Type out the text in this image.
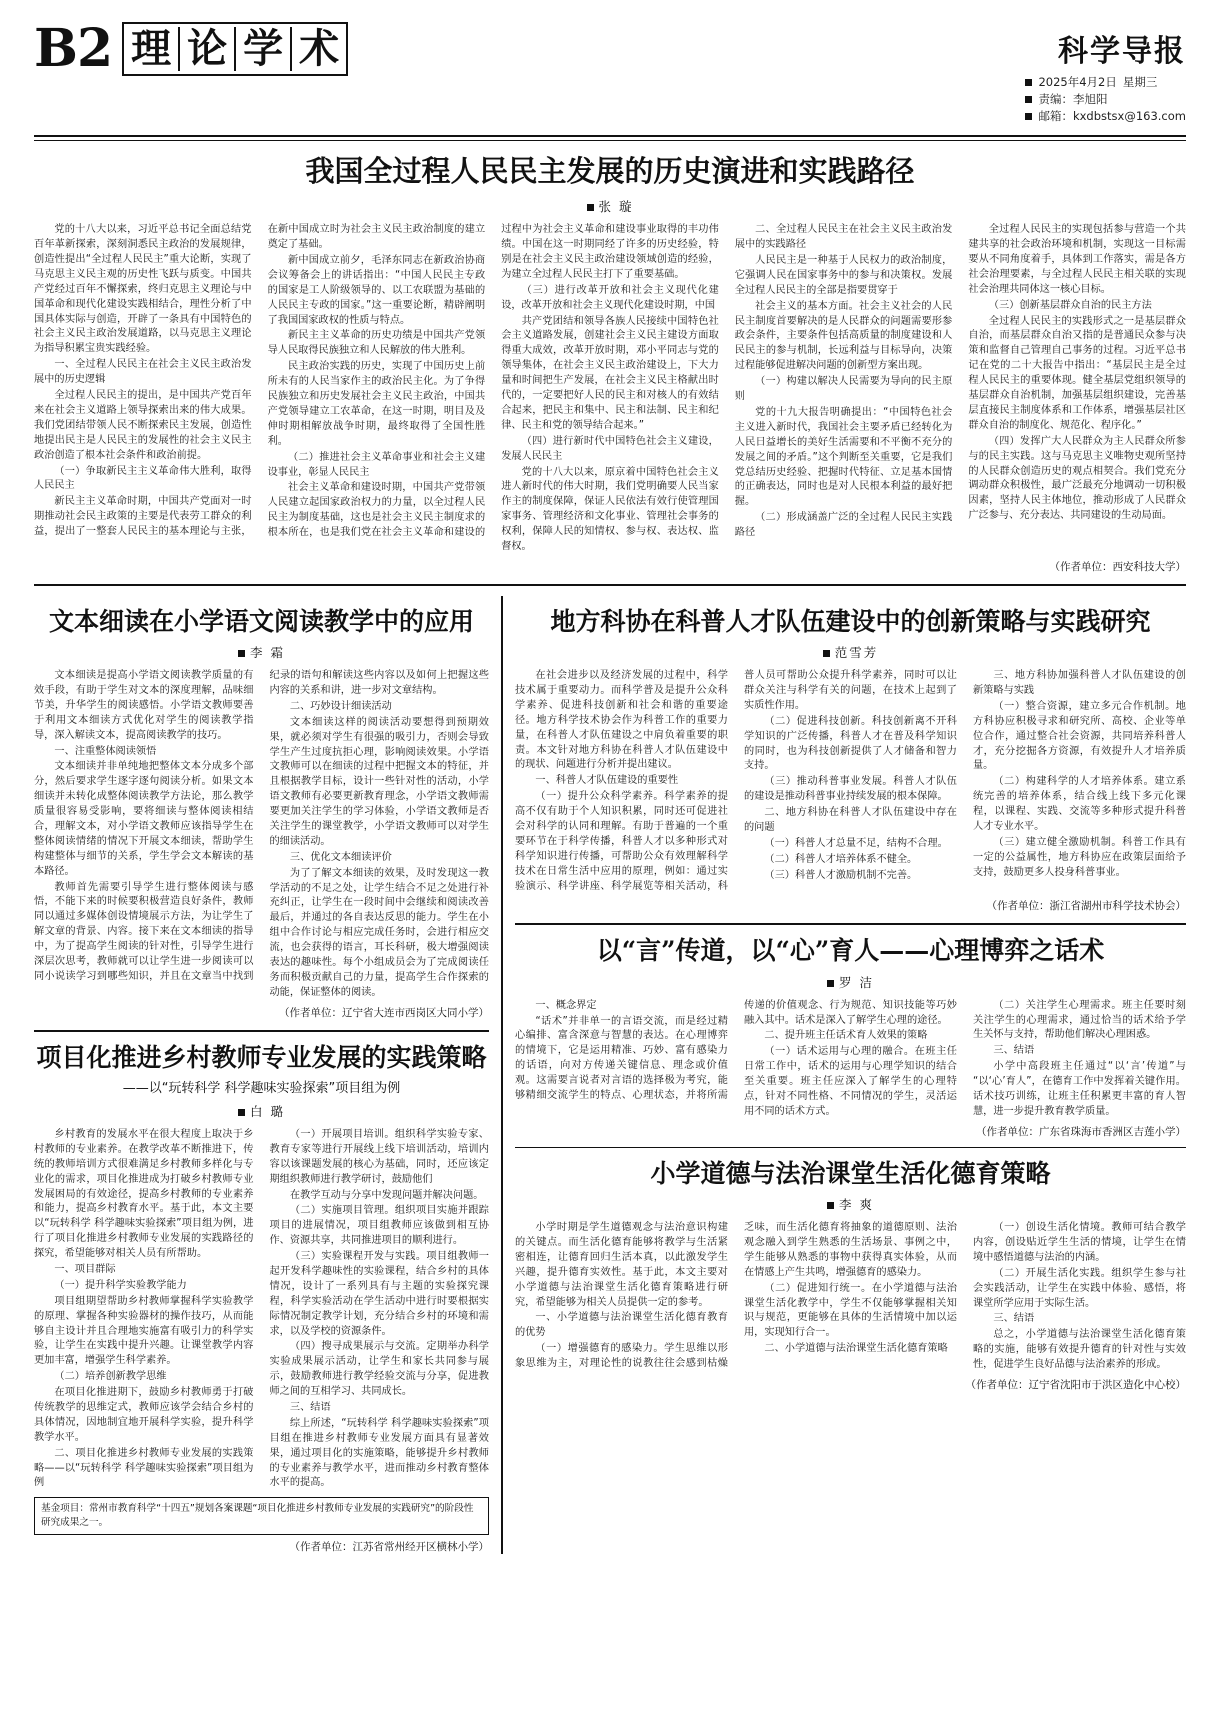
B2 理 论 学 术	科学导报
2025年4月2日 星期三
责编：李旭阳
邮箱：kxdbstsx@163.com
我国全过程人民民主发展的历史演进和实践路径
张 璇

党的十八大以来，习近平总书记全面总结党百年革新探索，深刻洞悉民主政治的发展规律，创造性提出“全过程人民民主”重大论断，实现了马克思主义民主观的历史性飞跃与质变。中国共产党经过百年不懈探索，终归克思主义理论与中国革命和现代化建设实践相结合，理性分析了中国具体实际与创造，开辟了一条具有中国特色的社会主义民主政治发展道路，以马克思主义理论为指导积累宝贵实践经验。

一、全过程人民民主在社会主义民主政治发展中的历史逻辑

全过程人民民主的提出，是中国共产党百年来在社会主义道路上领导探索出来的伟大成果。我们党团结带领人民不断探索民主发展，创造性地提出民主是人民民主的发展性的社会主义民主政治创造了根本社会条件和政治前提。

（一）争取新民主主义革命伟大胜利，取得人民民主

新民主主义革命时期，中国共产党面对一时期推动社会民主政策的主要是代表劳工群众的利益，提出了一整套人民民主的基本理论与主张，在新中国成立时为社会主义民主政治制度的建立奠定了基础。

新中国成立前夕，毛泽东同志在新政治协商会议筹备会上的讲话指出：“中国人民民主专政的国家是工人阶级领导的、以工农联盟为基础的人民民主专政的国家。”这一重要论断，精辟阐明了我国国家政权的性质与特点。

新民主主义革命的历史功绩是中国共产党领导人民取得民族独立和人民解放的伟大胜利。

民主政治实践的历史，实现了中国历史上前所未有的人民当家作主的政治民主化。为了争得民族独立和历史发展社会主义民主政治，中国共产党领导建立工农革命，在这一时期，明目及及伸时期相解放战争时期，最终取得了全国性胜利。

（二）推进社会主义革命事业和社会主义建设事业，彰显人民民主

社会主义革命和建设时期，中国共产党带领人民建立起国家政治权力的力量，以全过程人民民主为制度基础，这也是社会主义民主制度求的根本所在，也是我们党在社会主义革命和建设的过程中为社会主义革命和建设事业取得的丰功伟绩。中国在这一时期同经了许多的历史经验，特别是在社会主义民主政治建设领域创造的经验，为建立全过程人民民主打下了重要基础。

（三）进行改革开放和社会主义现代化建设，改革开放和社会主义现代化建设时期，中国

共产党团结和领导各族人民接续中国特色社会主义道路发展，创建社会主义民主建设方面取得重大成效，改革开放时期，邓小平同志与党的领导集体，在社会主义民主政治建设上，下大力量和时间把生产发展，在社会主义民主格献出时代的，一定要把好人民的民主和对核人的有效结合起来，把民主和集中、民主和法制、民主和纪律、民主和党的领导结合起来。”

（四）进行新时代中国特色社会主义建设，发展人民民主

党的十八大以来，原京着中国特色社会主义进人新时代的伟大时期，我们党明确要人民当家作主的制度保障，保证人民依法有效行使管理国家事务、管理经济和文化事业、管理社会事务的权利，保障人民的知情权、参与权、表达权、监督权。

二、全过程人民民主在社会主义民主政治发展中的实践路径

人民民主是一种基于人民权力的政治制度，它强调人民在国家事务中的参与和决策权。发展全过程人民民主的全部是指要贯穿于

社会主义的基本方面。社会主义社会的人民民主制度首要解决的是人民群众的问题需要形参政会条件，主要条件包括高质量的制度建设和人民民主的参与机制，长远利益与目标导向，决策过程能够促进解决问题的创新型方案出现。

（一）构建以解决人民需要为导向的民主原则

党的十九大报告明确提出：“中国特色社会主义进入新时代，我国社会主要矛盾已经转化为人民日益增长的美好生活需要和不平衡不充分的发展之间的矛盾。”这个判断至关重要，它是我们党总结历史经验、把握时代特征、立足基本国情的正确表达，同时也是对人民根本利益的最好把握。

（二）形成涵盖广泛的全过程人民民主实践路径

全过程人民民主的实现包括参与营造一个共建共享的社会政治环境和机制，实现这一目标需要从不同角度着手，具体到工作落实，需是各方社会治理要素，与全过程人民民主相关联的实现社会治理共同体这一核心目标。

（三）创新基层群众自治的民主方法

全过程人民民主的实践形式之一是基层群众自治，而基层群众自治又指的是普通民众参与决策和监督自己管理自己事务的过程。习近平总书记在党的二十大报告中指出：“基层民主是全过程人民民主的重要体现。健全基层党组织领导的基层群众自治机制，加强基层组织建设，完善基层直接民主制度体系和工作体系，增强基层社区群众自治的制度化、规范化、程序化。”

（四）发挥广大人民群众为主人民群众所参与的民主实践。这与马克思主义唯物史观所坚持的人民群众创造历史的观点相契合。我们党充分调动群众积极性，最广泛最充分地调动一切积极因素，坚持人民主体地位，推动形成了人民群众广泛参与、充分表达、共同建设的生动局面。

（作者单位：西安科技大学）
文本细读在小学语文阅读教学中的应用
李 霜

文本细读是提高小学语文阅读教学质量的有效手段，有助于学生对文本的深度理解，品味细节美，升华学生的阅读感悟。小学语文教师要善于利用文本细读方式优化对学生的阅读教学指导，深入解读文本，提高阅读教学的技巧。

一、注重整体阅读领悟

文本细读并非单纯地把整体文本分成多个部分，然后要求学生逐字逐句阅读分析。如果文本细读并未转化成整体阅读教学方法论，那么教学质量很容易受影响，要将细读与整体阅读相结合，理解文本，对小学语文教师应该指导学生在整体阅读情绪的情况下开展文本细读，帮助学生构建整体与细节的关系，学生学会文本解读的基本路径。

教师首先需要引导学生进行整体阅读与感悟，不能下来的时候要积极营造良好条件，教师同以通过多媒体创设情境展示方法，为让学生了解文章的背景、内容。接下来在文本细读的指导中，为了提高学生阅读的针对性，引导学生进行深层次思考，教师就可以让学生进一步阅读可以同小说读学习到哪些知识，并且在文章当中找到纪录的语句和解读这些内容以及如何上把握这些内容的关系和讲，进一步对文章结构。

二、巧妙设计细读活动

文本细读这样的阅读活动要想得到预期效果，就必须对学生有很强的吸引力，否则会导致学生产生过度抗拒心理，影响阅读效果。小学语文教师可以在细读的过程中把握文本的特征，并且根据教学目标，设计一些针对性的活动，小学语文教师有必要更新教育理念，小学语文教师需要更加关注学生的学习体验，小学语文教师是否关注学生的课堂教学，小学语文教师可以对学生的细读活动。

三、优化文本细读评价

为了了解文本细读的效果，及时发现这一教学活动的不足之处，让学生结合不足之处进行补充纠正，让学生在一段时间中会继续和阅读改善最后，并通过的各自表达反思的能力。学生在小组中合作讨论与相应完成任务时，会进行相应交流，也会获得的语言，耳长科研，极大增强阅读表达的趣味性。每个小组成员会为了完成阅读任务而积极贡献自己的力量，提高学生合作探索的动能，保证整体的阅读。

（作者单位：辽宁省大连市西岗区大同小学）
项目化推进乡村教师专业发展的实践策略
——以“玩转科学 科学趣味实验探索”项目组为例
白 璐

乡村教育的发展水平在很大程度上取决于乡村教师的专业素养。在教学改革不断推进下，传统的教师培训方式很难满足乡村教师多样化与专业化的需求，项目化推进成为打破乡村教师专业发展困局的有效途径，提高乡村教师的专业素养和能力，提高乡村教育水平。基于此，本文主要以“玩转科学 科学趣味实验探索”项目组为例，进行了项目化推进乡村教师专业发展的实践路径的探究，希望能够对相关人员有所帮助。

一、项目群际

（一）提升科学实验教学能力

项目组期望帮助乡村教师掌握科学实验教学的原理、掌握各种实验器材的操作技巧，从而能够自主设计并且合理地实施富有吸引力的科学实验，让学生在实践中提升兴趣。让课堂教学内容更加丰富，增强学生科学素养。

（二）培养创新教学思维

在项目化推进期下，鼓励乡村教师勇于打破传统教学的思维定式，教师应该学会结合乡村的具体情况，因地制宜地开展科学实验，提升科学教学水平。

二、项目化推进乡村教师专业发展的实践策略——以“玩转科学 科学趣味实验探索”项目组为例

（一）开展项目培训。组织科学实验专家、教育专家等进行开展线上线下培训活动，培训内容以该课题发展的核心为基础，同时，还应该定期组织教师进行教学研讨，鼓励他们

在教学互动与分享中发现问题并解决问题。

（二）实施项目管理。组织项目实施并跟踪项目的进展情况，项目组教师应该做到相互协作、资源共享，共同推进项目的顺利进行。

（三）实验课程开发与实践。项目组教师一起开发科学趣味性的实验课程，结合乡村的具体情况，设计了一系列具有与主题的实验探究课程，科学实验活动在学生活动中进行时要根据实际情况制定教学计划，充分结合乡村的环境和需求，以及学校的资源条件。

（四）搜寻成果展示与交流。定期举办科学实验成果展示活动，让学生和家长共同参与展示，鼓励教师进行教学经验交流与分享，促进教师之间的互相学习、共同成长。

三、结语

综上所述，“玩转科学 科学趣味实验探索”项目组在推进乡村教师专业发展方面具有显著效果，通过项目化的实施策略，能够提升乡村教师的专业素养与教学水平，进而推动乡村教育整体水平的提高。

基金项目：常州市教育科学“十四五”规划各案课题“项目化推进乡村教师专业发展的实践研究”的阶段性研究成果之一。
（作者单位：江苏省常州经开区横林小学）
地方科协在科普人才队伍建设中的创新策略与实践研究
范雪芳

在社会进步以及经济发展的过程中，科学技术属于重要动力。而科学普及是提升公众科学素养、促进科技创新和社会和谐的重要途径。地方科学技术协会作为科普工作的重要力量，在科普人才队伍建设之中肩负着重要的职责。本文针对地方科协在科普人才队伍建设中的现状、问题进行分析并提出建议。

一、科普人才队伍建设的重要性

（一）提升公众科学素养。科学素养的提高不仅有助于个人知识积累，同时还可促进社会对科学的认同和理解。有助于普遍的一个重要环节在于科学传播，科普人才以多种形式对科学知识进行传播，可帮助公众有效理解科学技术在日常生活中应用的原理，例如：通过实验演示、科学讲座、科学展览等相关活动，科普人员可帮助公众提升科学素养，同时可以让群众关注与科学有关的问题，在技术上起到了实质性作用。

（二）促进科技创新。科技创新离不开科学知识的广泛传播，科普人才在普及科学知识的同时，也为科技创新提供了人才储备和智力支持。

（三）推动科普事业发展。科普人才队伍的建设是推动科普事业持续发展的根本保障。

二、地方科协在科普人才队伍建设中存在的问题

（一）科普人才总量不足，结构不合理。

（二）科普人才培养体系不健全。

（三）科普人才激励机制不完善。

三、地方科协加强科普人才队伍建设的创新策略与实践

（一）整合资源，建立多元合作机制。地方科协应积极寻求和研究所、高校、企业等单位合作，通过整合社会资源，共同培养科普人才，充分挖掘各方资源，有效提升人才培养质量。

（二）构建科学的人才培养体系。建立系统完善的培养体系，结合线上线下多元化课程，以课程、实践、交流等多种形式提升科普人才专业水平。

（三）建立健全激励机制。科普工作具有一定的公益属性，地方科协应在政策层面给予支持，鼓励更多人投身科普事业。

（作者单位：浙江省湖州市科学技术协会）
以“言”传道，以“心”育人——心理博弈之话术
罗 洁

一、概念界定

“话术”并非单一的言语交流，而是经过精心编排、富含深意与智慧的表达。在心理博弈的情境下，它是运用精准、巧妙、富有感染力的话语，向对方传递关键信息、理念或价值观。这需要言说者对言语的选择极为考究，能够精细交流学生的特点、心理状态，并将所需传递的价值观念、行为规范、知识技能等巧妙融入其中。话术是深入了解学生心理的途径。

二、提升班主任话术育人效果的策略

（一）话术运用与心理的融合。在班主任日常工作中，话术的运用与心理学知识的结合至关重要。班主任应深入了解学生的心理特点，针对不同性格、不同情况的学生，灵活运用不同的话术方式。

（二）关注学生心理需求。班主任要时刻关注学生的心理需求，通过恰当的话术给予学生关怀与支持，帮助他们解决心理困惑。

三、结语

小学中高段班主任通过“以‘言’传道”与“以‘心’育人”，在德育工作中发挥着关键作用。话术技巧训练，让班主任积累更丰富的育人智慧，进一步提升教育教学质量。

（作者单位：广东省珠海市香洲区吉莲小学）
小学道德与法治课堂生活化德育策略
李 爽

小学时期是学生道德观念与法治意识构建的关键点。而生活化德育能够将教学与生活紧密相连，让德育回归生活本真，以此激发学生兴趣，提升德育实效性。基于此，本文主要对小学道德与法治课堂生活化德育策略进行研究，希望能够为相关人员提供一定的参考。

一、小学道德与法治课堂生活化德育教育的优势

（一）增强德育的感染力。学生思维以形象思维为主，对理论性的说教往往会感到枯燥乏味，而生活化德育将抽象的道德原则、法治观念融入到学生熟悉的生活场景、事例之中，学生能够从熟悉的事物中获得真实体验，从而在情感上产生共鸣，增强德育的感染力。

（二）促进知行统一。在小学道德与法治课堂生活化教学中，学生不仅能够掌握相关知识与规范，更能够在具体的生活情境中加以运用，实现知行合一。

二、小学道德与法治课堂生活化德育策略

（一）创设生活化情境。教师可结合教学内容，创设贴近学生生活的情境，让学生在情境中感悟道德与法治的内涵。

（二）开展生活化实践。组织学生参与社会实践活动，让学生在实践中体验、感悟，将课堂所学应用于实际生活。

三、结语

总之，小学道德与法治课堂生活化德育策略的实施，能够有效提升德育的针对性与实效性，促进学生良好品德与法治素养的形成。

（作者单位：辽宁省沈阳市于洪区造化中心校）
